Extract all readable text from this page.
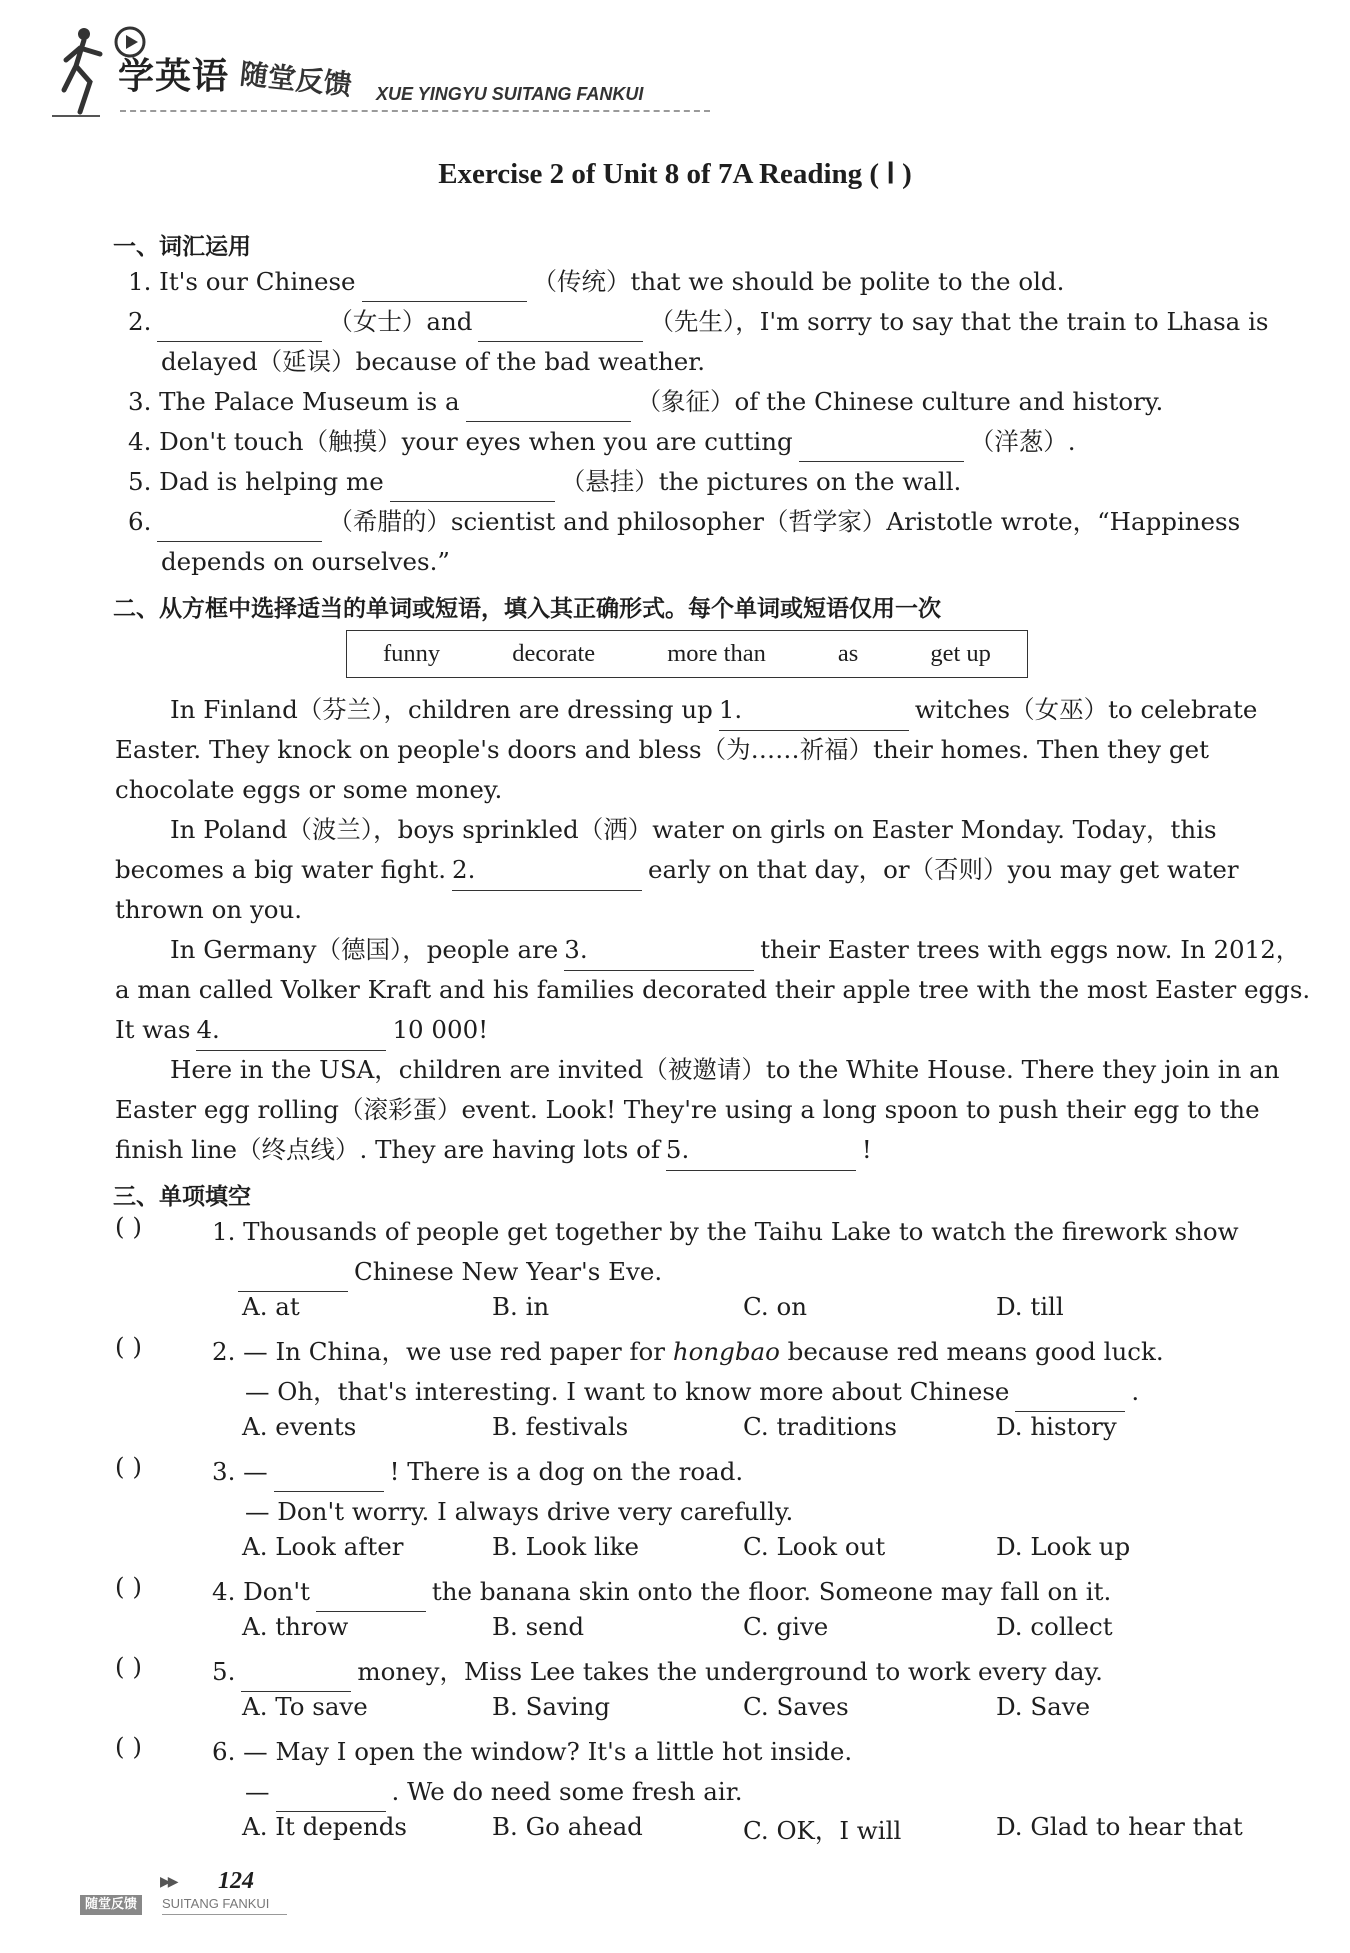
学英语 随堂反馈 XUE YINGYU SUITANG FANKUI
Exercise 2 of Unit 8 of 7A Reading ( Ⅰ )
一、词汇运用
1. It's our Chinese	（传统）that we should be polite to the old.
2.	（女士）and	（先生），I'm sorry to say that the train to Lhasa is
delayed（延误）because of the bad weather.
3. The Palace Museum is a	（象征）of the Chinese culture and history.
4. Don't touch（触摸）your eyes when you are cutting	（洋葱）.
5. Dad is helping me	（悬挂）the pictures on the wall.
6.	（希腊的）scientist and philosopher（哲学家）Aristotle wrote，“Happiness
depends on ourselves.”
二、从方框中选择适当的单词或短语，填入其正确形式。每个单词或短语仅用一次
funny	decorate	more than	as	get up
In Finland（芬兰），children are dressing up 1.	witches（女巫）to celebrate
Easter. They knock on people's doors and bless（为……祈福）their homes. Then they get
chocolate eggs or some money.
In Poland（波兰），boys sprinkled（洒）water on girls on Easter Monday. Today，this
becomes a big water fight. 2.	early on that day，or（否则）you may get water
thrown on you.
In Germany（德国），people are 3.	their Easter trees with eggs now. In 2012，
a man called Volker Kraft and his families decorated their apple tree with the most Easter eggs.
It was 4.	10 000!
Here in the USA，children are invited（被邀请）to the White House. There they join in an
Easter egg rolling（滚彩蛋）event. Look! They're using a long spoon to push their egg to the
finish line（终点线）. They are having lots of 5.	!
三、单项填空
( )	1. Thousands of people get together by the Taihu Lake to watch the firework show
Chinese New Year's Eve.
A. at	B. in	C. on	D. till
( )	2. — In China，we use red paper for hongbao because red means good luck.
— Oh，that's interesting. I want to know more about Chinese	.
A. events	B. festivals	C. traditions	D. history
( )	3. —	! There is a dog on the road.
— Don't worry. I always drive very carefully.
A. Look after	B. Look like	C. Look out	D. Look up
( )	4. Don't	the banana skin onto the floor. Someone may fall on it.
A. throw	B. send	C. give	D. collect
( )	5.	money，Miss Lee takes the underground to work every day.
A. To save	B. Saving	C. Saves	D. Save
( )	6. — May I open the window? It's a little hot inside.
—	. We do need some fresh air.
A. It depends	B. Go ahead	C. OK，I will	D. Glad to hear that
▶▶ 124
随堂反馈	SUITANG FANKUI
